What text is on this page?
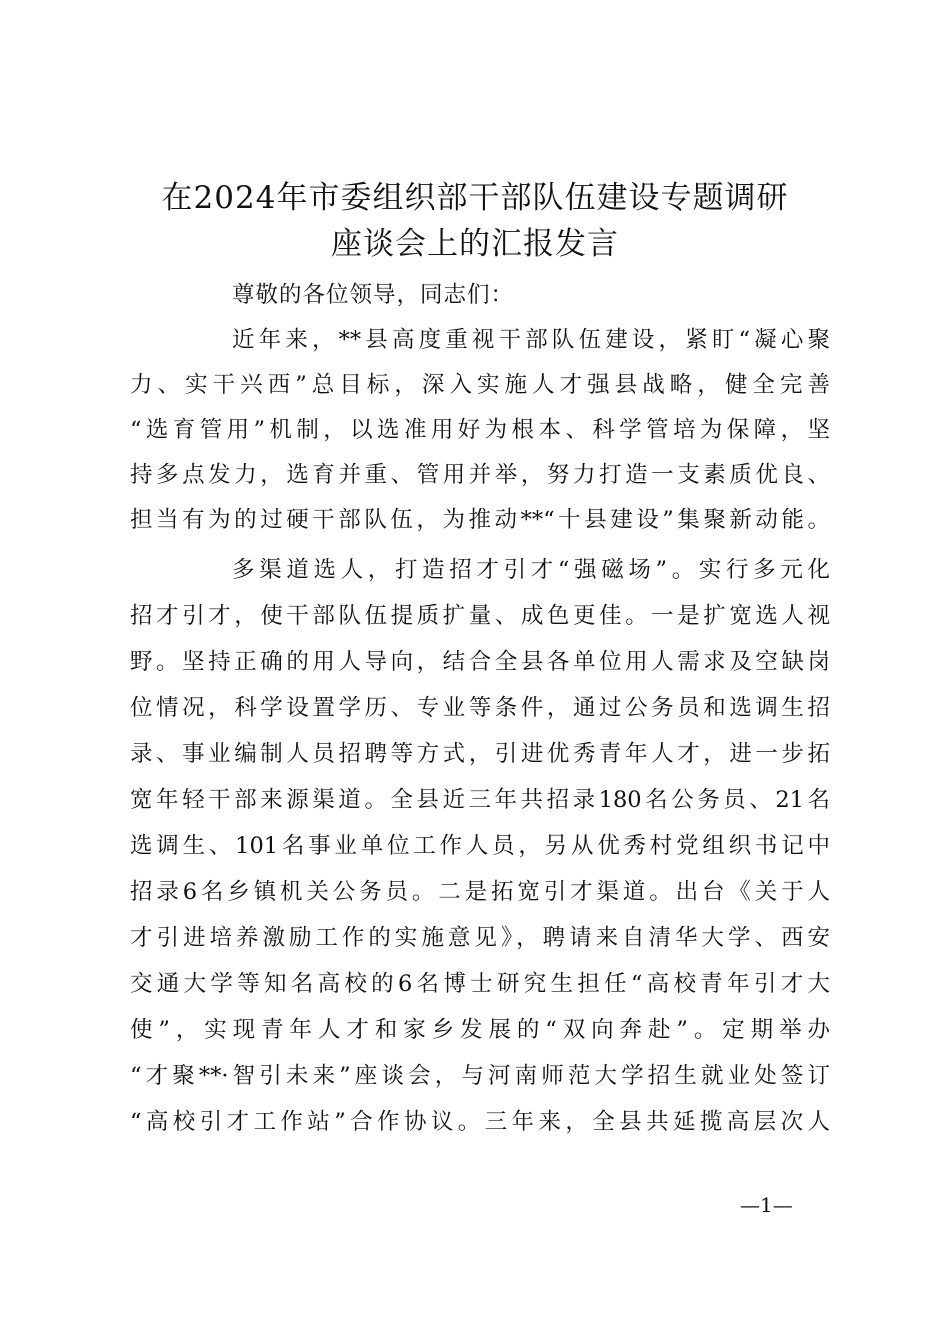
在2024年市委组织部干部队伍建设专题调研
座谈会上的汇报发言
尊敬的各位领导，同志们：
近年来，**县高度重视干部队伍建设，紧盯“凝心聚
力、实干兴西”总目标，深入实施人才强县战略，健全完善
“选育管用”机制，以选准用好为根本、科学管培为保障，坚
持多点发力，选育并重、管用并举，努力打造一支素质优良、
担当有为的过硬干部队伍，为推动**“十县建设”集聚新动能。
多渠道选人，打造招才引才“强磁场”。实行多元化
招才引才，使干部队伍提质扩量、成色更佳。一是扩宽选人视
野。坚持正确的用人导向，结合全县各单位用人需求及空缺岗
位情况，科学设置学历、专业等条件，通过公务员和选调生招
录、事业编制人员招聘等方式，引进优秀青年人才，进一步拓
宽年轻干部来源渠道。全县近三年共招录180名公务员、21名
选调生、101名事业单位工作人员，另从优秀村党组织书记中
招录6名乡镇机关公务员。二是拓宽引才渠道。出台《关于人
才引进培养激励工作的实施意见》，聘请来自清华大学、西安
交通大学等知名高校的6名博士研究生担任“高校青年引才大
使”，实现青年人才和家乡发展的“双向奔赴”。定期举办
“才聚**·智引未来”座谈会，与河南师范大学招生就业处签订
“高校引才工作站”合作协议。三年来，全县共延揽高层次人
—1—
